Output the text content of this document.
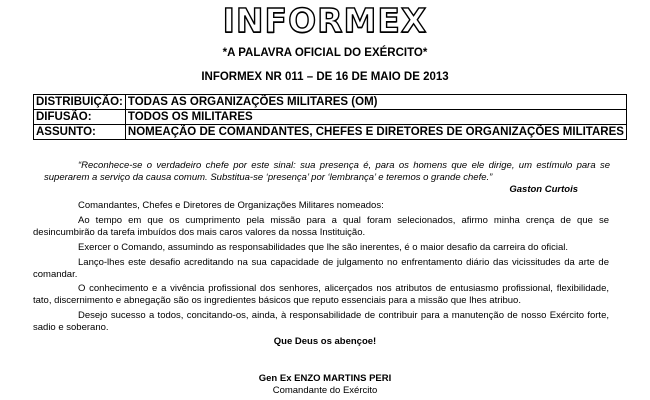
INFORMEX
*A PALAVRA OFICIAL DO EXÉRCITO*
INFORMEX NR 011 – DE 16 DE MAIO DE 2013
DISTRIBUIÇÃO:	TODAS AS ORGANIZAÇÕES MILITARES (OM)
DIFUSÃO:	TODOS OS MILITARES
ASSUNTO:	NOMEAÇÃO DE COMANDANTES, CHEFES E DIRETORES DE ORGANIZAÇÕES MILITARES
“Reconhece-se o verdadeiro chefe por este sinal: sua presença é, para os homens que ele dirige, um estímulo para se superarem a serviço da causa comum. Substitua-se ‘presença’ por ‘lembrança’ e teremos o grande chefe.”
Gaston Curtois
Comandantes, Chefes e Diretores de Organizações Militares nomeados:
Ao tempo em que os cumprimento pela missão para a qual foram selecionados, afirmo minha crença de que se desincumbirão da tarefa imbuídos dos mais caros valores da nossa Instituição.
Exercer o Comando, assumindo as responsabilidades que lhe são inerentes, é o maior desafio da carreira do oficial.
Lanço-lhes este desafio acreditando na sua capacidade de julgamento no enfrentamento diário das vicissitudes da arte de comandar.
O conhecimento e a vivência profissional dos senhores, alicerçados nos atributos de entusiasmo profissional, flexibilidade, tato, discernimento e abnegação são os ingredientes básicos que reputo essenciais para a missão que lhes atribuo.
Desejo sucesso a todos, concitando-os, ainda, à responsabilidade de contribuir para a manutenção de nosso Exército forte, sadio e soberano.
Que Deus os abençoe!
Gen Ex ENZO MARTINS PERI
Comandante do Exército
